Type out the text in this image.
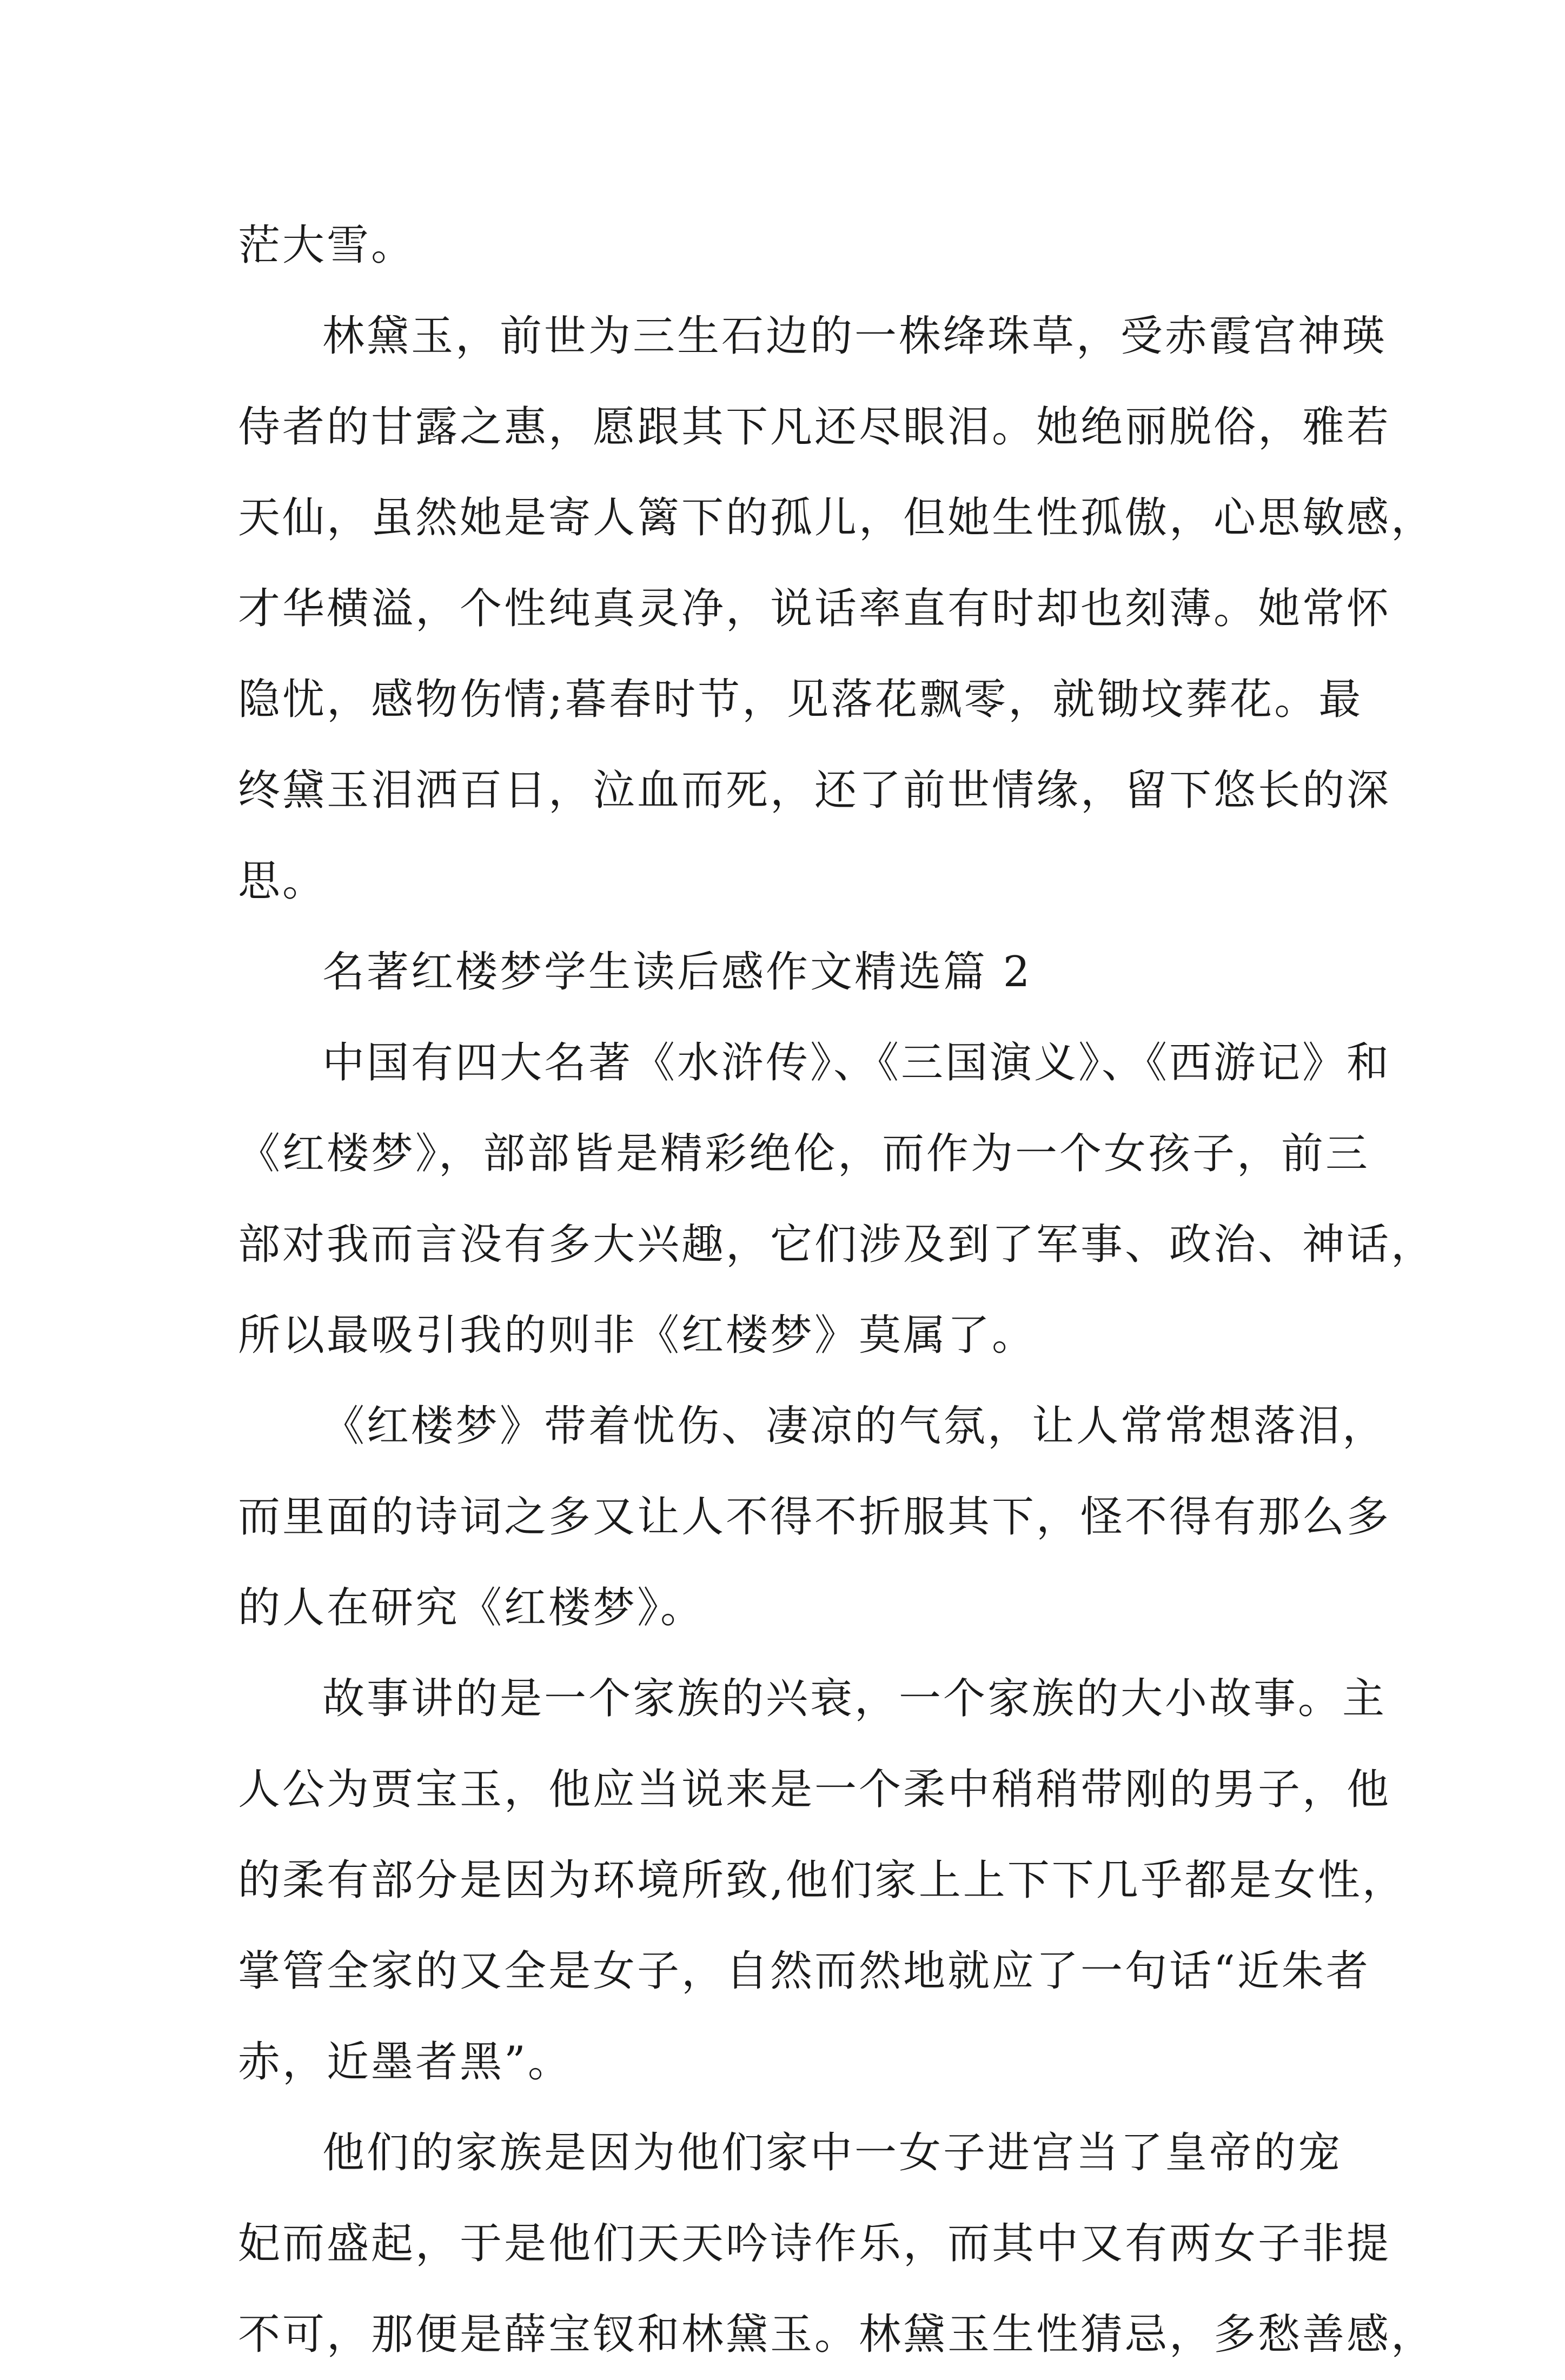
茫大雪。
林黛玉，前世为三生石边的一株绛珠草，受赤霞宫神瑛
侍者的甘露之惠，愿跟其下凡还尽眼泪。她绝丽脱俗，雅若
天仙，虽然她是寄人篱下的孤儿，但她生性孤傲，心思敏感，
才华横溢，个性纯真灵净，说话率直有时却也刻薄。她常怀
隐忧，感物伤情;暮春时节，见落花飘零，就锄坟葬花。最
终黛玉泪洒百日，泣血而死，还了前世情缘，留下悠长的深
思。
名著红楼梦学生读后感作文精选篇 2
中国有四大名著《水浒传》、《三国演义》、《西游记》和
《红楼梦》，部部皆是精彩绝伦，而作为一个女孩子，前三
部对我而言没有多大兴趣，它们涉及到了军事、政治、神话，
所以最吸引我的则非《红楼梦》莫属了。
《红楼梦》带着忧伤、凄凉的气氛，让人常常想落泪，
而里面的诗词之多又让人不得不折服其下，怪不得有那么多
的人在研究《红楼梦》。
故事讲的是一个家族的兴衰，一个家族的大小故事。主
人公为贾宝玉，他应当说来是一个柔中稍稍带刚的男子，他
的柔有部分是因为环境所致,他们家上上下下几乎都是女性，
掌管全家的又全是女子，自然而然地就应了一句话“近朱者
赤，近墨者黑”。
他们的家族是因为他们家中一女子进宫当了皇帝的宠
妃而盛起，于是他们天天吟诗作乐，而其中又有两女子非提
不可，那便是薛宝钗和林黛玉。林黛玉生性猜忌，多愁善感，
